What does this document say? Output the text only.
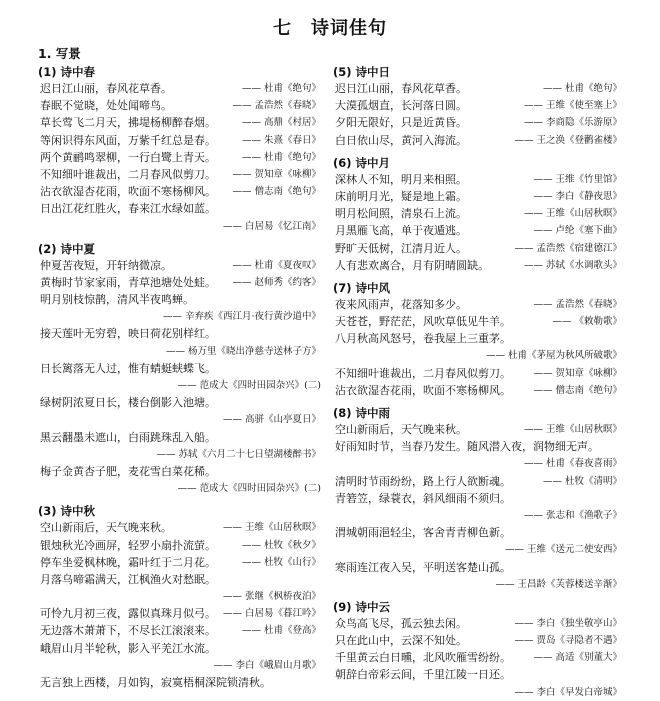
七　诗词佳句
1. 写景
(1) 诗中春
迟日江山丽，春风花草香。	—— 杜甫《绝句》
春眠不觉晓，处处闻啼鸟。	—— 孟浩然《春晓》
草长莺飞二月天，拂堤杨柳醉春烟。	—— 高鼎《村居》
等闲识得东风面，万紫千红总是春。	—— 朱熹《春日》
两个黄鹂鸣翠柳，一行白鹭上青天。	—— 杜甫《绝句》
不知细叶谁裁出，二月春风似剪刀。 —— 贺知章《咏柳》
沾衣欲湿杏花雨，吹面不寒杨柳风。 —— 僧志南《绝句》
日出江花红胜火，春来江水绿如蓝。
—— 白居易《忆江南》
(2) 诗中夏
仲夏苦夜短，开轩纳微凉。	—— 杜甫《夏夜叹》
黄梅时节家家雨，青草池塘处处蛙。 —— 赵师秀《约客》
明月别枝惊鹊，清风半夜鸣蝉。
—— 辛弃疾《西江月·夜行黄沙道中》
接天莲叶无穷碧，映日荷花别样红。
—— 杨万里《晓出净慈寺送林子方》
日长篱落无人过，惟有蜻蜓蛱蝶飞。
—— 范成大《四时田园杂兴》(二)
绿树阴浓夏日长，楼台倒影入池塘。
—— 高骈《山亭夏日》
黑云翻墨未遮山，白雨跳珠乱入船。
—— 苏轼《六月二十七日望湖楼醉书》
梅子金黄杏子肥，麦花雪白菜花稀。
—— 范成大《四时田园杂兴》(二)
(3) 诗中秋
空山新雨后，天气晚来秋。	—— 王维《山居秋暝》
银烛秋光冷画屏，轻罗小扇扑流萤。	—— 杜牧《秋夕》
停车坐爱枫林晚，霜叶红于二月花。	—— 杜牧《山行》
月落乌啼霜满天，江枫渔火对愁眠。
—— 张继《枫桥夜泊》
可怜九月初三夜，露似真珠月似弓。 —— 白居易《暮江吟》
无边落木萧萧下，不尽长江滚滚来。	—— 杜甫《登高》
峨眉山月半轮秋，影入平羌江水流。
—— 李白《峨眉山月歌》
无言独上西楼，月如钩，寂寞梧桐深院锁清秋。
(5) 诗中日
迟日江山丽，春风花草香。	—— 杜甫《绝句》
大漠孤烟直，长河落日圆。	—— 王维《使至塞上》
夕阳无限好，只是近黄昏。	—— 李商隐《乐游原》
白日依山尽，黄河入海流。	—— 王之涣《登鹳雀楼》
(6) 诗中月
深林人不知，明月来相照。	—— 王维《竹里馆》
床前明月光，疑是地上霜。	—— 李白《静夜思》
明月松间照，清泉石上流。	—— 王维《山居秋暝》
月黑雁飞高，单于夜遁逃。	—— 卢纶《塞下曲》
野旷天低树，江清月近人。	—— 孟浩然《宿建德江》
人有悲欢离合，月有阴晴圆缺。	—— 苏轼《水调歌头》
(7) 诗中风
夜来风雨声，花落知多少。	—— 孟浩然《春晓》
天苍苍，野茫茫，风吹草低见牛羊。	—— 《敕勒歌》
八月秋高风怒号，卷我屋上三重茅。
—— 杜甫《茅屋为秋风所破歌》
不知细叶谁裁出，二月春风似剪刀。 —— 贺知章《咏柳》
沾衣欲湿杏花雨，吹面不寒杨柳风。 —— 僧志南《绝句》
(8) 诗中雨
空山新雨后，天气晚来秋。	—— 王维《山居秋暝》
好雨知时节，当春乃发生。随风潜入夜，润物细无声。
—— 杜甫《春夜喜雨》
清明时节雨纷纷，路上行人欲断魂。	—— 杜牧《清明》
青箬笠，绿蓑衣，斜风细雨不须归。
—— 张志和《渔歌子》
渭城朝雨浥轻尘，客舍青青柳色新。
—— 王维《送元二使安西》
寒雨连江夜入吴，平明送客楚山孤。
—— 王昌龄《芙蓉楼送辛渐》
(9) 诗中云
众鸟高飞尽，孤云独去闲。	—— 李白《独坐敬亭山》
只在此山中，云深不知处。	—— 贾岛《寻隐者不遇》
千里黄云白日曛，北风吹雁雪纷纷。 —— 高适《别董大》
朝辞白帝彩云间，千里江陵一日还。
—— 李白《早发白帝城》
